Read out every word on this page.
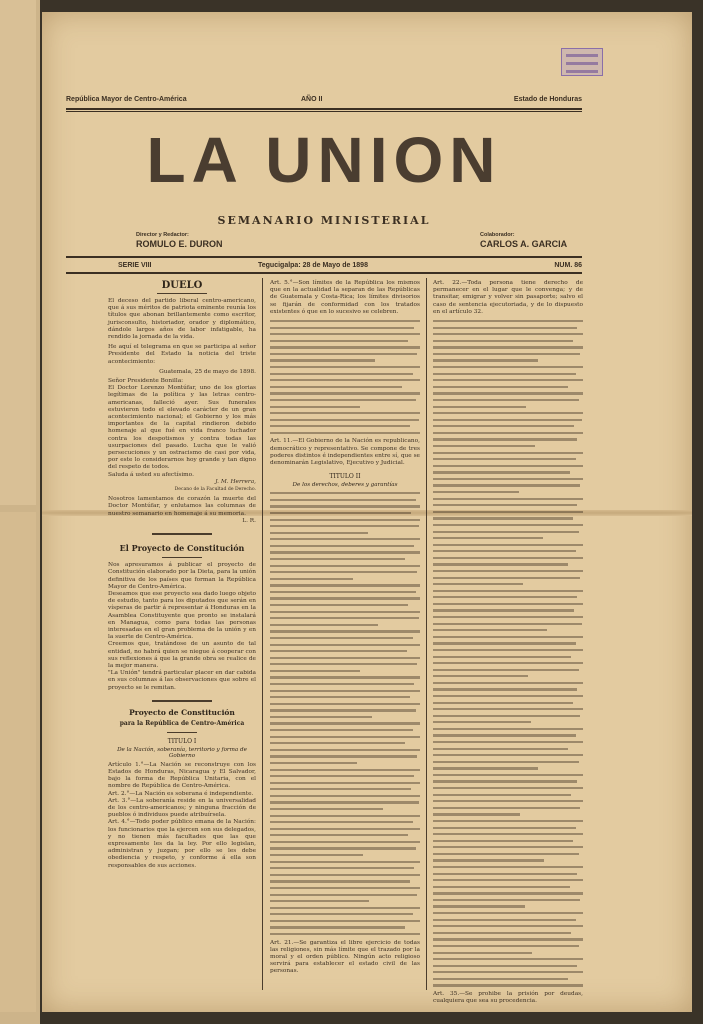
República Mayor de Centro-América	AÑO II	Estado de Honduras
LA UNION
SEMANARIO MINISTERIAL
Director y Redactor:
ROMULO E. DURON
Colaborador:
CARLOS A. GARCIA
SERIE VIII	Tegucigalpa: 28 de Mayo de 1898	NUM. 86
DUELO

El deceso del partido liberal centro-americano, que á sus méritos de patriota eminente reunía los títulos que abonan brillantemente como escritor, jurisconsulto, historiador, orador y diplomático, dándole largos años de labor infatigable, ha rendido la jornada de la vida.

He aquí el telegrama en que se participa al señor Presidente del Estado la noticia del triste acontecimiento:

Guatemala, 25 de mayo de 1898.

Señor Presidente Bonilla:

El Doctor Lorenzo Montúfar, uno de los glorias legítimas de la política y las letras centro-americanas, falleció ayer. Sus funerales estuvieron todo el elevado carácter de un gran acontecimiento nacional; el Gobierno y los más importantes de la capital rindieron debido homenaje al que fué en vida franco luchador contra los despotismos y contra todas las usurpaciones del pasado. Lucha que le valió persecuciones y un ostracismo de casi por vida, por este lo considerarnos hoy grande y tan digno del respeto de todos.

Saluda á usted su afectísimo.

J. M. Herrera,

Decano de la Facultad de Derecho.

Nosotros lamentamos de corazón la muerte del Doctor Montúfar, y enlutamos las columnas de nuestro semanario en homenaje á su memoria.

L. R.

El Proyecto de Constitución

Nos apresuramos á publicar el proyecto de Constitución elaborado por la Dieta, para la unión definitiva de los países que forman la República Mayor de Centro-América.

Deseamos que ese proyecto sea dado luego objeto de estudio, tanto para los diputados que serán en vísperas de partir á representar á Honduras en la Asamblea Constituyente que pronto se instalará en Managua, como para todas las personas interesadas en el gran problema de la unión y en la suerte de Centro-América.

Creemos que, tratándose de un asunto de tal entidad, no habrá quien se niegue á cooperar con sus reflexiones á que la grande obra se realice de la mejor manera.

"La Unión" tendrá particular placer en dar cabida en sus columnas á las observaciones que sobre el proyecto se le remitan.

Proyecto de Constitución
para la República de Centro-América
TITULO I
De la Nación, soberanía, territorio y forma de Gobierno

Artículo 1.°—La Nación se reconstruye con los Estados de Honduras, Nicaragua y El Salvador, bajo la forma de República Unitaria, con el nombre de República de Centro-América.

Art. 2.°—La Nación es soberana é independiente.

Art. 3.°—La soberanía reside en la universalidad de los centro-americanos; y ninguna fracción de pueblos ó individuos puede atribuírsela.

Art. 4.°—Todo poder público emana de la Nación: los funcionarios que la ejercen son sus delegados, y no tienen más facultades que las que expresamente les da la ley. Por ello legislan, administran y juzgan; por ello se les debe obediencia y respeto, y conforme á ella son responsables de sus acciones.

Art. 5.°—Son límites de la República los mismos que en la actualidad la separan de las Repúblicas de Guatemala y Costa-Rica; los límites divisorios se fijarán de conformidad con los tratados existentes ó que en lo sucesivo se celebren.

Art. 11.—El Gobierno de la Nación es republicano, democrático y representativo. Se compone de tres poderes distintos é independientes entre sí, que se denominarán Legislativo, Ejecutivo y Judicial.

TITULO II
De los derechos, deberes y garantías

Art. 21.—Se garantiza el libre ejercicio de todas las religiones, sin más límite que el trazado por la moral y el orden público. Ningún acto religioso servirá para establecer el estado civil de las personas.

Art. 22.—Toda persona tiene derecho de permanecer en el lugar que le convenga; y de transitar, emigrar y volver sin pasaporte; salvo el caso de sentencia ejecutoriada, y de lo dispuesto en el artículo 32.

Art. 35.—Se prohibe la prisión por deudas, cualquiera que sea su procedencia.
